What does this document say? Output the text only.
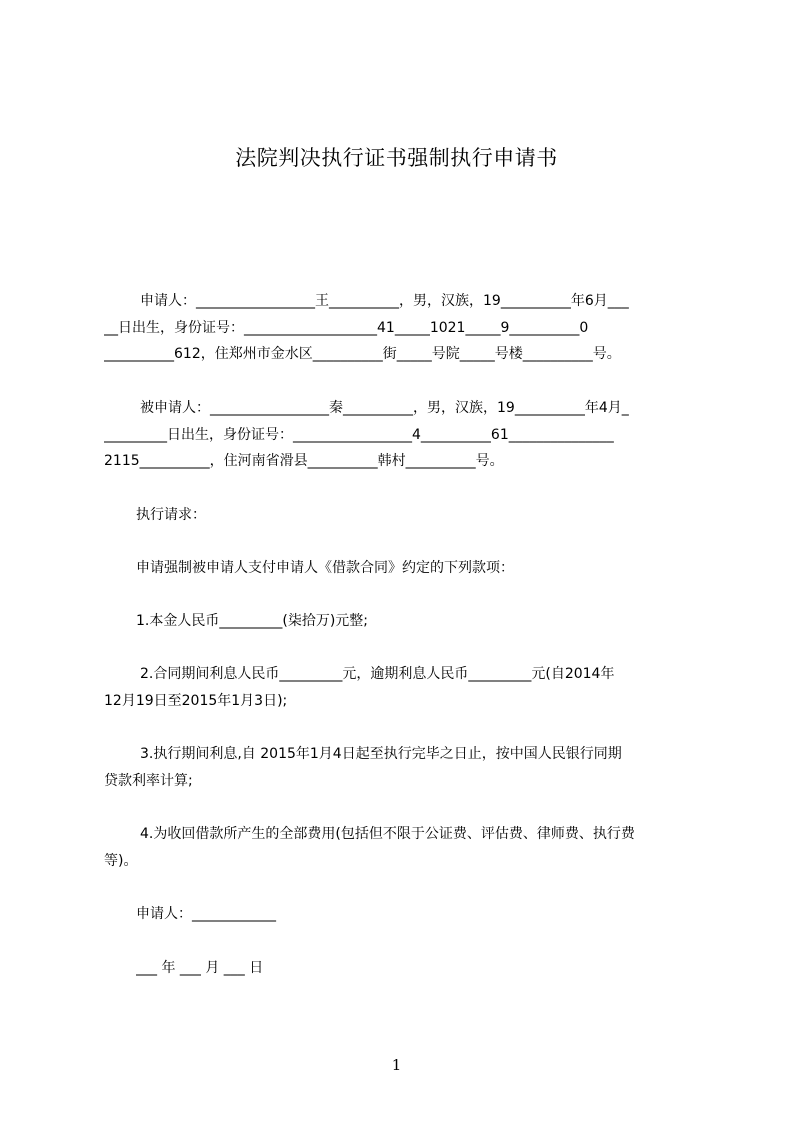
法院判决执行证书强制执行申请书
申请人：_________________王__________，男，汉族，19__________年6月___
__日出生，身份证号：___________________41_____1021_____9__________0
__________612，住郑州市金水区__________街_____号院_____号楼__________号。
被申请人：_________________秦__________，男，汉族，19__________年4月_
_________日出生，身份证号：_________________4__________61_______________
2115__________，住河南省滑县__________韩村__________号。
执行请求：
申请强制被申请人支付申请人《借款合同》约定的下列款项：
1.本金人民币_________(柒拾万)元整;
2.合同期间利息人民币_________元，逾期利息人民币_________元(自2014年
12月19日至2015年1月3日);
3.执行期间利息,自 2015年1月4日起至执行完毕之日止，按中国人民银行同期
贷款利率计算;
4.为收回借款所产生的全部费用(包括但不限于公证费、评估费、律师费、执行费
等)。
申请人：____________
___ 年 ___ 月 ___ 日
1
